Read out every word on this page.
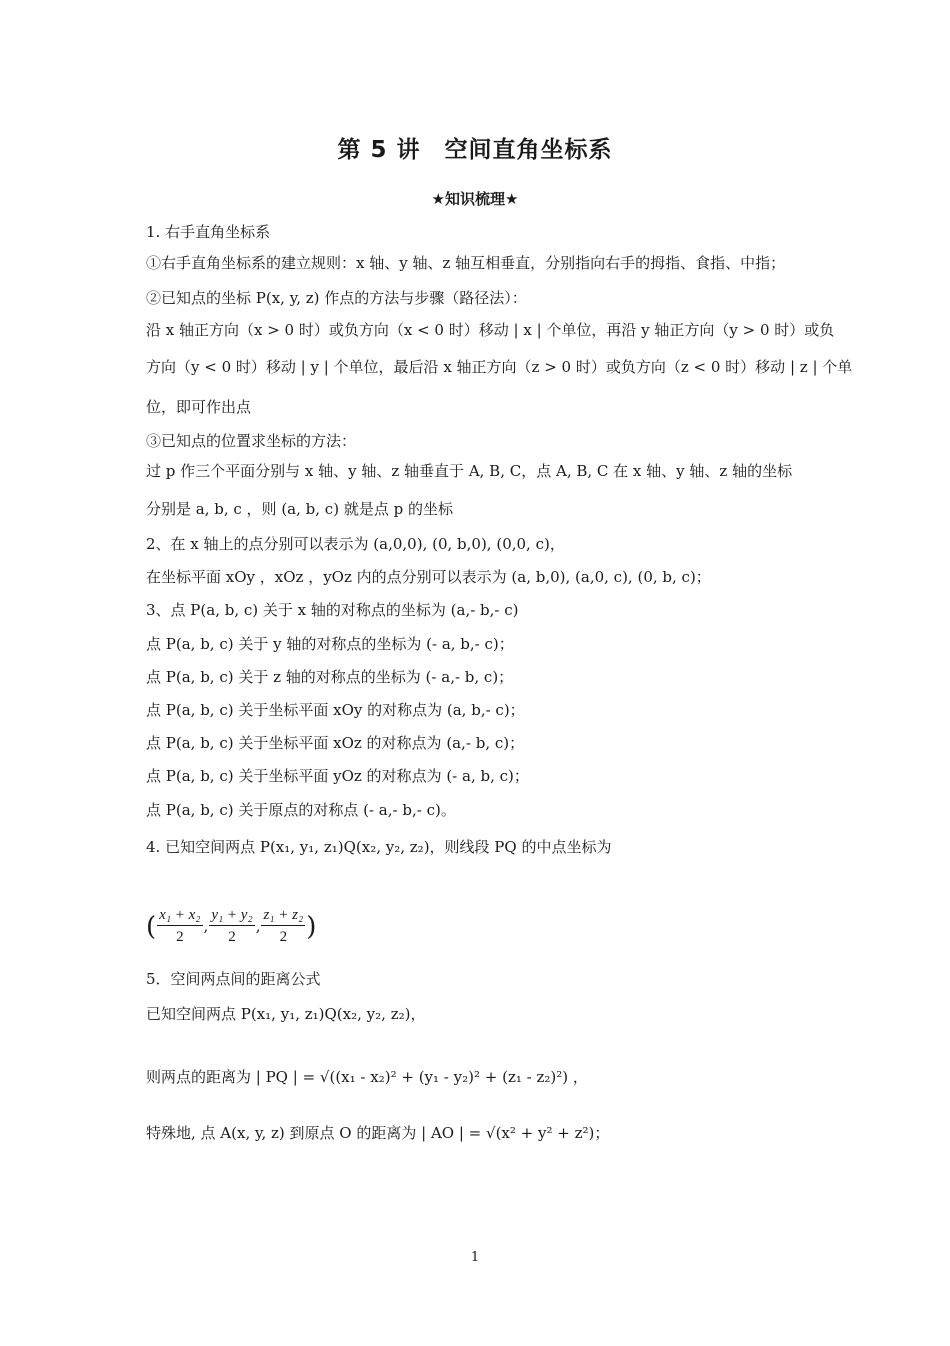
第 5 讲　空间直角坐标系
★知识梳理★
1. 右手直角坐标系
①右手直角坐标系的建立规则：x 轴、y 轴、z 轴互相垂直，分别指向右手的拇指、食指、中指；
②已知点的坐标 P(x, y, z) 作点的方法与步骤（路径法）：
沿 x 轴正方向（x > 0 时）或负方向（x < 0 时）移动 | x | 个单位，再沿 y 轴正方向（y > 0 时）或负
方向（y < 0 时）移动 | y | 个单位，最后沿 x 轴正方向（z > 0 时）或负方向（z < 0 时）移动 | z | 个单
位，即可作出点
③已知点的位置求坐标的方法：
过 p 作三个平面分别与 x 轴、y 轴、z 轴垂直于 A, B, C，点 A, B, C 在 x 轴、y 轴、z 轴的坐标
分别是 a, b, c ，则 (a, b, c) 就是点 p 的坐标
2、在 x 轴上的点分别可以表示为 (a,0,0), (0, b,0), (0,0, c)，
在坐标平面 xOy ，xOz ，yOz 内的点分别可以表示为 (a, b,0), (a,0, c), (0, b, c)；
3、点 P(a, b, c) 关于 x 轴的对称点的坐标为 (a,- b,- c)
点 P(a, b, c) 关于 y 轴的对称点的坐标为 (- a, b,- c)；
点 P(a, b, c) 关于 z 轴的对称点的坐标为 (- a,- b, c)；
点 P(a, b, c) 关于坐标平面 xOy 的对称点为 (a, b,- c)；
点 P(a, b, c) 关于坐标平面 xOz 的对称点为 (a,- b, c)；
点 P(a, b, c) 关于坐标平面 yOz 的对称点为 (- a, b, c)；
点 P(a, b, c) 关于原点的对称点 (- a,- b,- c)。
4. 已知空间两点 P(x₁, y₁, z₁)Q(x₂, y₂, z₂)，则线段 PQ 的中点坐标为
( $\frac{\text{x₁ + x₂}}{2}$ , $\frac{\text{y₁ + y₂}}{2}$ , $\frac{\text{z₁ + z₂}}{2}$ )
5．空间两点间的距离公式
已知空间两点 P(x₁, y₁, z₁)Q(x₂, y₂, z₂)，
则两点的距离为 | PQ | = √((x₁ - x₂)² + (y₁ - y₂)² + (z₁ - z₂)²) ，
特殊地, 点 A(x, y, z) 到原点 O 的距离为 | AO | = √(x² + y² + z²)；
1
